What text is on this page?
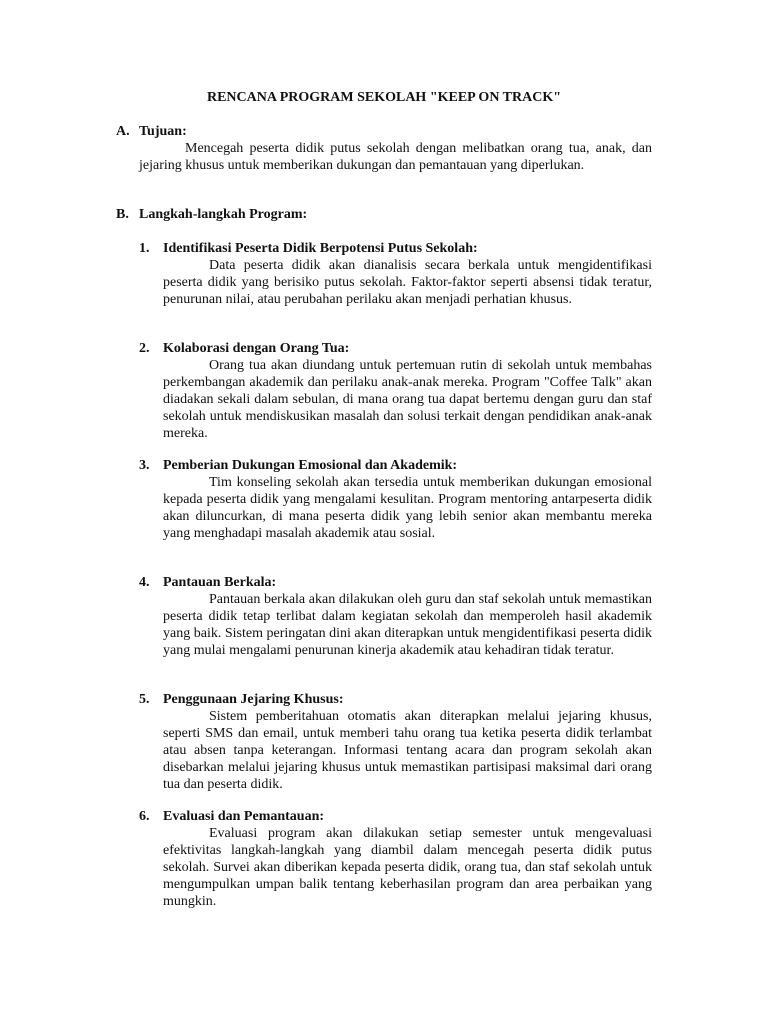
RENCANA PROGRAM SEKOLAH "KEEP ON TRACK"

A. Tujuan:

Mencegah peserta didik putus sekolah dengan melibatkan orang tua, anak, dan jejaring khusus untuk memberikan dukungan dan pemantauan yang diperlukan.

B. Langkah-langkah Program:

1. Identifikasi Peserta Didik Berpotensi Putus Sekolah:

Data peserta didik akan dianalisis secara berkala untuk mengidentifikasi peserta didik yang berisiko putus sekolah. Faktor-faktor seperti absensi tidak teratur, penurunan nilai, atau perubahan perilaku akan menjadi perhatian khusus.

2. Kolaborasi dengan Orang Tua:

Orang tua akan diundang untuk pertemuan rutin di sekolah untuk membahas perkembangan akademik dan perilaku anak-anak mereka. Program "Coffee Talk" akan diadakan sekali dalam sebulan, di mana orang tua dapat bertemu dengan guru dan staf sekolah untuk mendiskusikan masalah dan solusi terkait dengan pendidikan anak-anak mereka.

3. Pemberian Dukungan Emosional dan Akademik:

Tim konseling sekolah akan tersedia untuk memberikan dukungan emosional kepada peserta didik yang mengalami kesulitan. Program mentoring antarpeserta didik akan diluncurkan, di mana peserta didik yang lebih senior akan membantu mereka yang menghadapi masalah akademik atau sosial.

4. Pantauan Berkala:

Pantauan berkala akan dilakukan oleh guru dan staf sekolah untuk memastikan peserta didik tetap terlibat dalam kegiatan sekolah dan memperoleh hasil akademik yang baik. Sistem peringatan dini akan diterapkan untuk mengidentifikasi peserta didik yang mulai mengalami penurunan kinerja akademik atau kehadiran tidak teratur.

5. Penggunaan Jejaring Khusus:

Sistem pemberitahuan otomatis akan diterapkan melalui jejaring khusus, seperti SMS dan email, untuk memberi tahu orang tua ketika peserta didik terlambat atau absen tanpa keterangan. Informasi tentang acara dan program sekolah akan disebarkan melalui jejaring khusus untuk memastikan partisipasi maksimal dari orang tua dan peserta didik.

6. Evaluasi dan Pemantauan:

Evaluasi program akan dilakukan setiap semester untuk mengevaluasi efektivitas langkah-langkah yang diambil dalam mencegah peserta didik putus sekolah. Survei akan diberikan kepada peserta didik, orang tua, dan staf sekolah untuk mengumpulkan umpan balik tentang keberhasilan program dan area perbaikan yang mungkin.
